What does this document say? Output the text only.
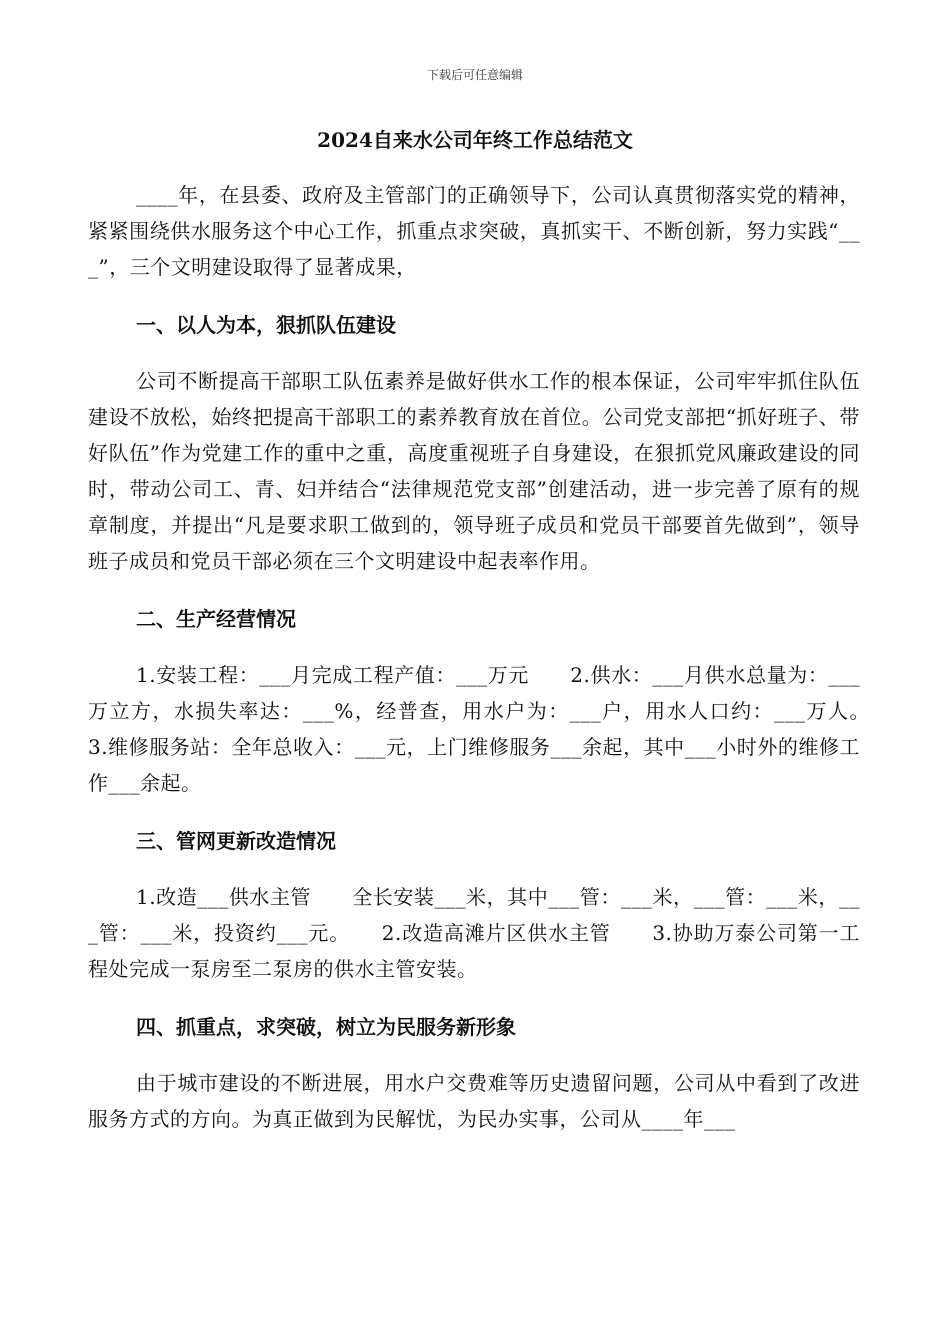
下载后可任意编辑
2024自来水公司年终工作总结范文

____年，在县委、政府及主管部门的正确领导下，公司认真贯彻落实党的精神，紧紧围绕供水服务这个中心工作，抓重点求突破，真抓实干、不断创新，努力实践“___”，三个文明建设取得了显著成果，

一、以人为本，狠抓队伍建设

公司不断提高干部职工队伍素养是做好供水工作的根本保证，公司牢牢抓住队伍建设不放松，始终把提高干部职工的素养教育放在首位。公司党支部把“抓好班子、带好队伍”作为党建工作的重中之重，高度重视班子自身建设，在狠抓党风廉政建设的同时，带动公司工、青、妇并结合“法律规范党支部”创建活动，进一步完善了原有的规章制度，并提出“凡是要求职工做到的，领导班子成员和党员干部要首先做到”，领导班子成员和党员干部必须在三个文明建设中起表率作用。

二、生产经营情况

1.安装工程：___月完成工程产值：___万元　　2.供水：___月供水总量为：___万立方，水损失率达：___%，经普查，用水户为：___户，用水人口约：___万人。　　3.维修服务站：全年总收入：___元，上门维修服务___余起，其中___小时外的维修工作___余起。

三、管网更新改造情况

1.改造___供水主管　　全长安装___米，其中___管：___米，___管：___米，___管：___米，投资约___元。　　2.改造高滩片区供水主管　　3.协助万泰公司第一工程处完成一泵房至二泵房的供水主管安装。

四、抓重点，求突破，树立为民服务新形象

由于城市建设的不断进展，用水户交费难等历史遗留问题，公司从中看到了改进服务方式的方向。为真正做到为民解忧，为民办实事，公司从____年___
